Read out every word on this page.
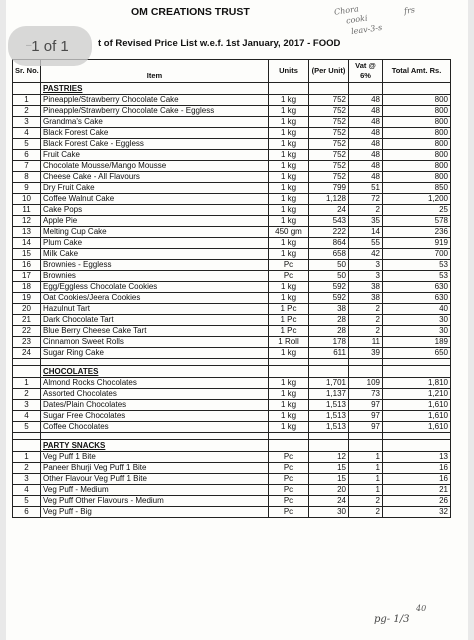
OM CREATIONS TRUST
t of Revised Price List w.e.f. 1st January, 2017 - FOOD
Chora
cooki
leav-3-s
frs
Sr. No.	Item	Units	(Per Unit)	Vat @ 6%	Total Amt. Rs.
	PASTRIES				
1	Pineapple/Strawberry Chocolate Cake	1 kg	752	48	800
2	Pineapple/Strawberry Chocolate Cake - Eggless	1 kg	752	48	800
3	Grandma's Cake	1 kg	752	48	800
4	Black Forest Cake	1 kg	752	48	800
5	Black Forest Cake - Eggless	1 kg	752	48	800
6	Fruit Cake	1 kg	752	48	800
7	Chocolate Mousse/Mango Mousse	1 kg	752	48	800
8	Cheese Cake - All Flavours	1 kg	752	48	800
9	Dry Fruit Cake	1 kg	799	51	850
10	Coffee Walnut Cake	1 kg	1,128	72	1,200
11	Cake Pops	1 kg	24	2	25
12	Apple Pie	1 kg	543	35	578
13	Melting Cup Cake	450 gm	222	14	236
14	Plum Cake	1 kg	864	55	919
15	Milk Cake	1 kg	658	42	700
16	Brownies - Eggless	Pc	50	3	53
17	Brownies	Pc	50	3	53
18	Egg/Eggless Chocolate Cookies	1 kg	592	38	630
19	Oat Cookies/Jeera Cookies	1 kg	592	38	630
20	Hazulnut Tart	1 Pc	38	2	40
21	Dark Chocolate Tart	1 Pc	28	2	30
22	Blue Berry Cheese Cake Tart	1 Pc	28	2	30
23	Cinnamon Sweet Rolls	1 Roll	178	11	189
24	Sugar Ring Cake	1 kg	611	39	650

	CHOCOLATES				
1	Almond Rocks Chocolates	1 kg	1,701	109	1,810
2	Assorted Chocolates	1 kg	1,137	73	1,210
3	Dates/Plain Chocolates	1 kg	1,513	97	1,610
4	Sugar Free Chocolates	1 kg	1,513	97	1,610
5	Coffee Chocolates	1 kg	1,513	97	1,610

	PARTY SNACKS				
1	Veg Puff 1 Bite	Pc	12	1	13
2	Paneer Bhurji Veg Puff 1 Bite	Pc	15	1	16
3	Other Flavour Veg Puff 1 Bite	Pc	15	1	16
4	Veg Puff - Medium	Pc	20	1	21
5	Veg Puff Other Flavours - Medium	Pc	24	2	26
6	Veg Puff - Big	Pc	30	2	32
40
pg- 1/3
1 of 1
